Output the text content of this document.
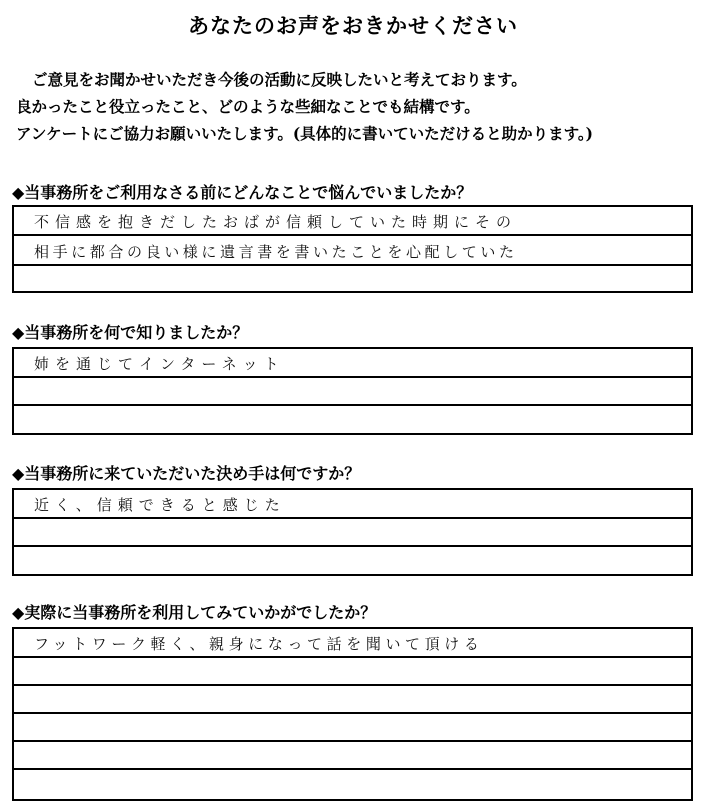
あなたのお声をおきかせください
ご意見をお聞かせいただき今後の活動に反映したいと考えております。
良かったこと役立ったこと、どのような些細なことでも結構です。
アンケートにご協力お願いいたします。(具体的に書いていただけると助かります。)
◆当事務所をご利用なさる前にどんなことで悩んでいましたか？
不信感を抱きだしたおばが信頼していた時期にその
相手に都合の良い様に遺言書を書いたことを心配していた
◆当事務所を何で知りましたか？
姉を通じてインターネット
◆当事務所に来ていただいた決め手は何ですか？
近く、信頼できると感じた
◆実際に当事務所を利用してみていかがでしたか？
フットワーク軽く、親身になって話を聞いて頂ける
